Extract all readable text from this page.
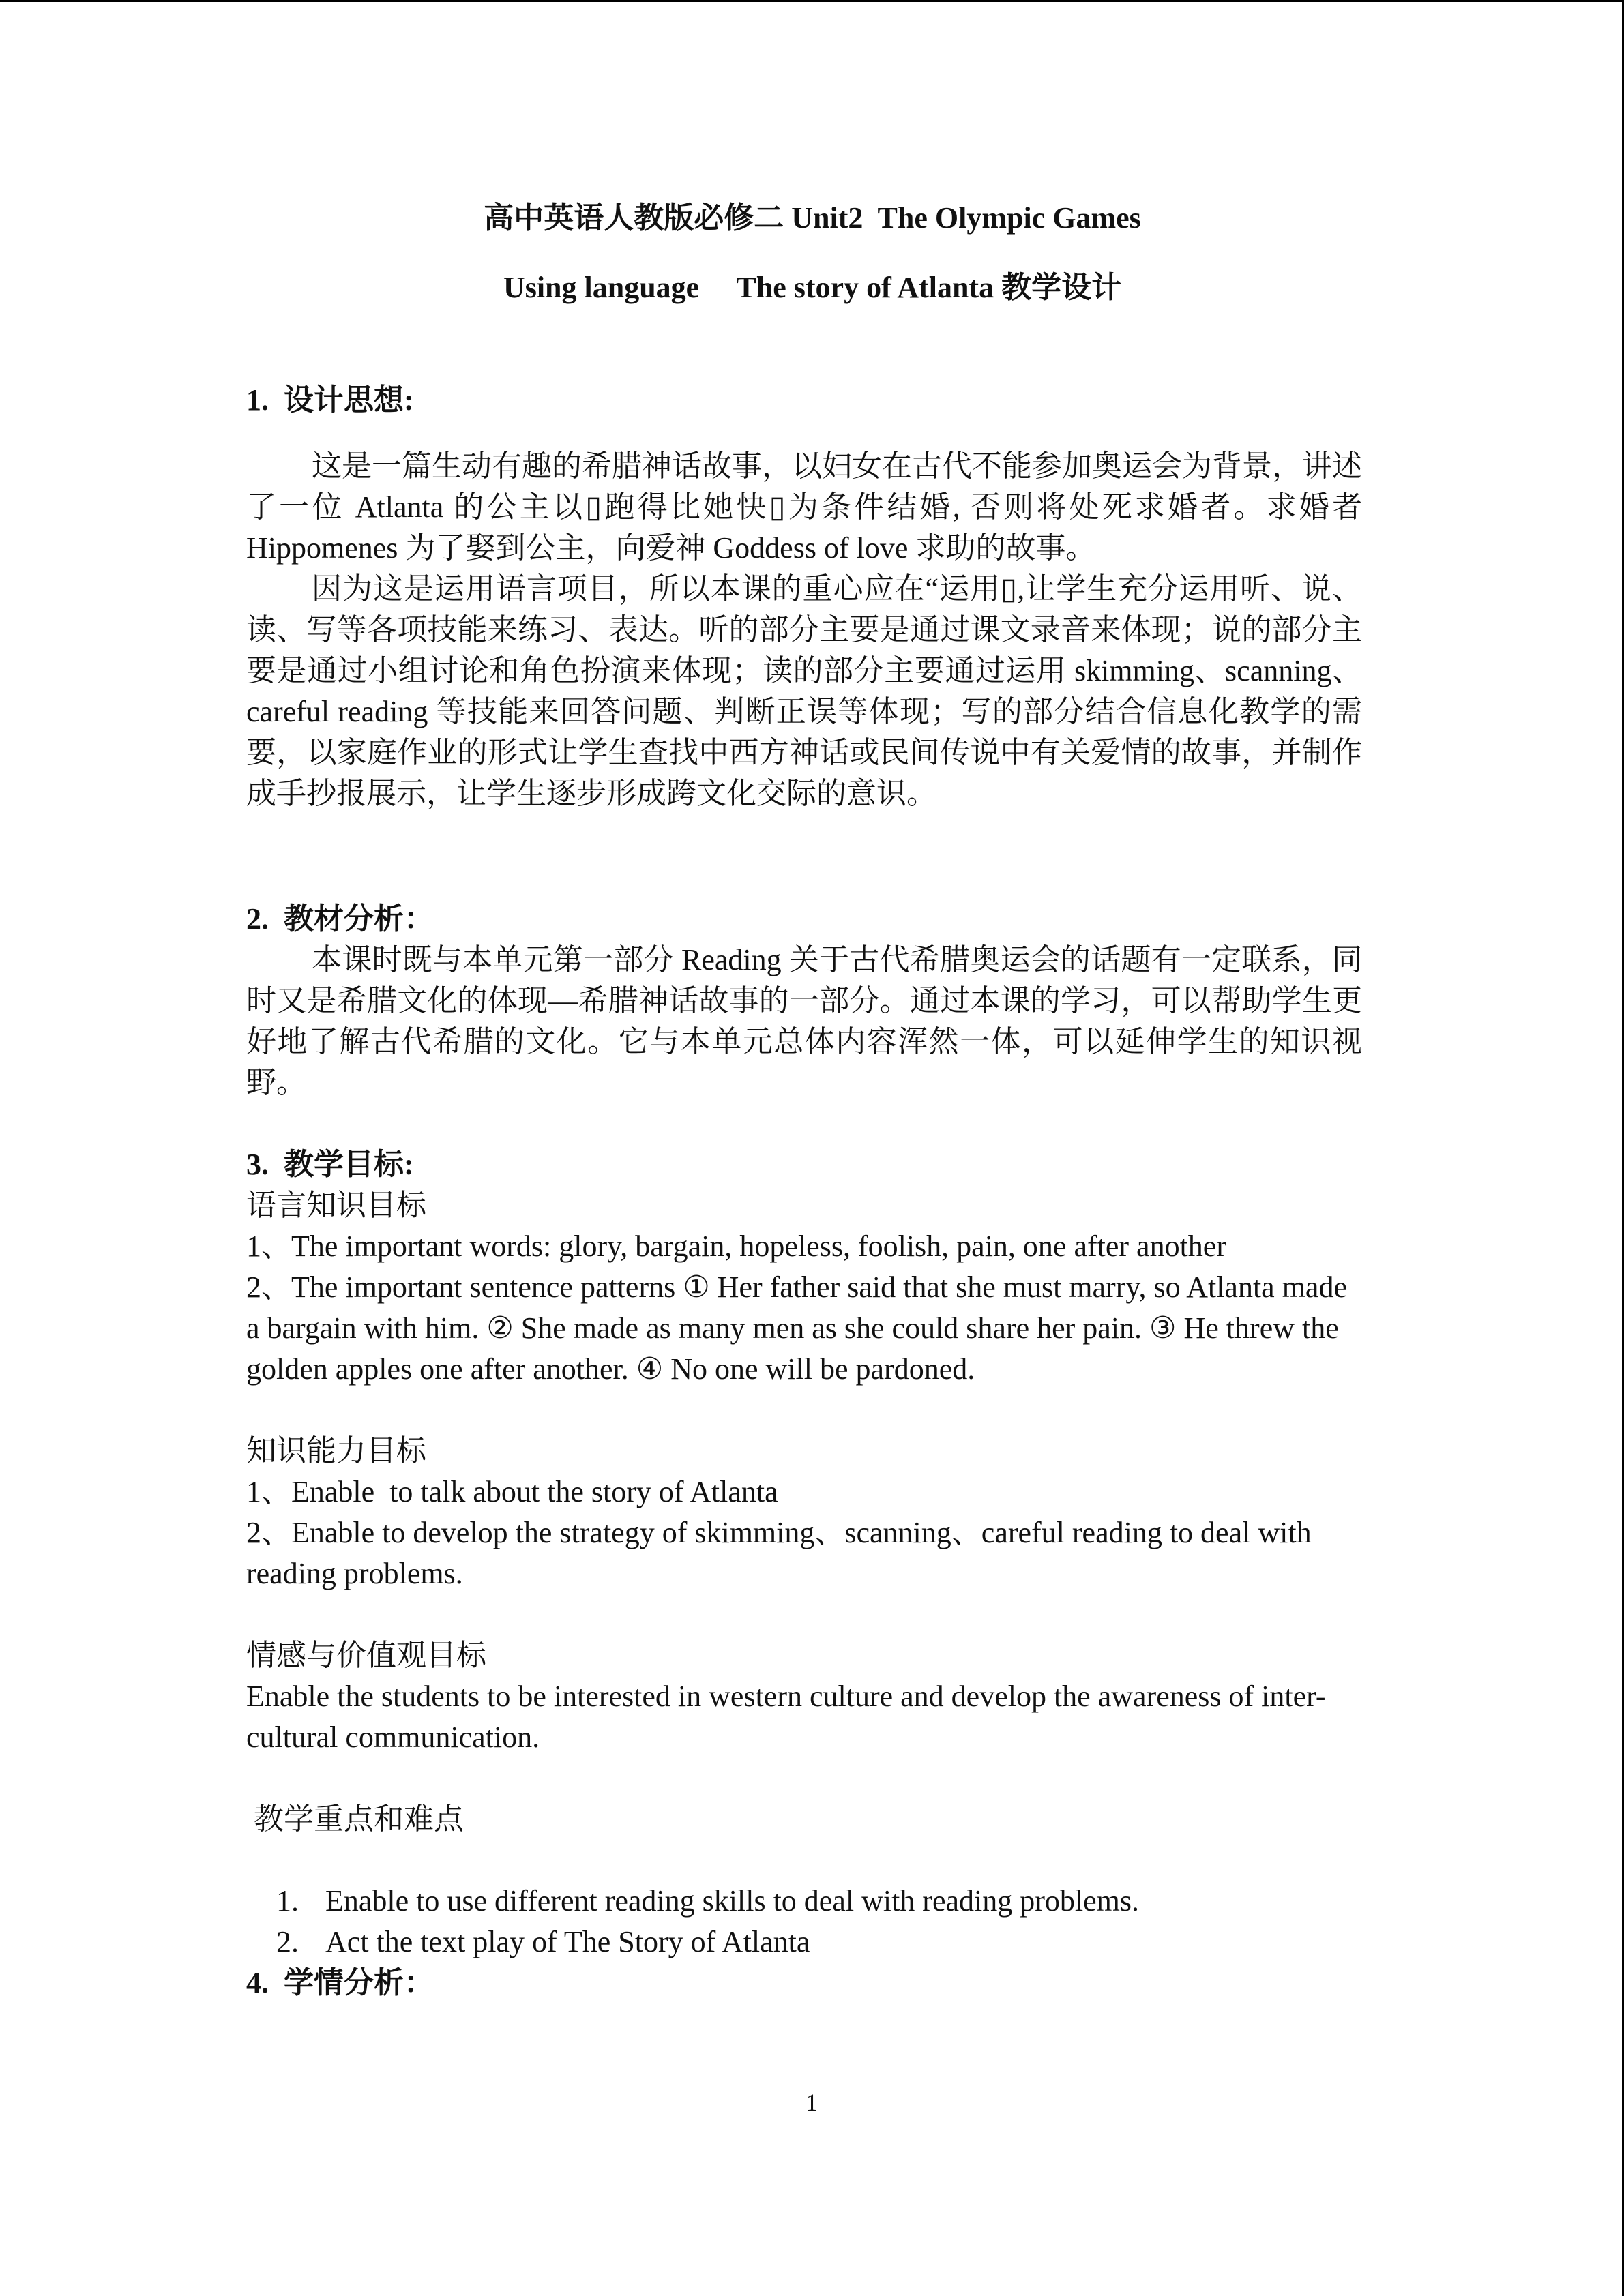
高中英语人教版必修二 Unit2  The Olympic Games
Using language     The story of Atlanta 教学设计
1.  设计思想:
这是一篇生动有趣的希腊神话故事，以妇女在古代不能参加奥运会为背景，讲述了一位 Atlanta 的公主以▯跑得比她快▯为条件结婚, 否则将处死求婚者。求婚者 Hippomenes 为了娶到公主，向爱神 Goddess of love 求助的故事。
因为这是运用语言项目，所以本课的重心应在“运用▯,让学生充分运用听、说、读、写等各项技能来练习、表达。听的部分主要是通过课文录音来体现；说的部分主要是通过小组讨论和角色扮演来体现；读的部分主要通过运用 skimming、scanning、careful reading 等技能来回答问题、判断正误等体现；写的部分结合信息化教学的需要，以家庭作业的形式让学生查找中西方神话或民间传说中有关爱情的故事，并制作成手抄报展示，让学生逐步形成跨文化交际的意识。
2.  教材分析：
本课时既与本单元第一部分 Reading 关于古代希腊奥运会的话题有一定联系，同时又是希腊文化的体现—希腊神话故事的一部分。通过本课的学习，可以帮助学生更好地了解古代希腊的文化。它与本单元总体内容浑然一体，可以延伸学生的知识视野。
3.  教学目标:
语言知识目标
1、The important words: glory, bargain, hopeless, foolish, pain, one after another
2、The important sentence patterns ① Her father said that she must marry, so Atlanta made a bargain with him. ② She made as many men as she could share her pain. ③ He threw the golden apples one after another. ④ No one will be pardoned.
知识能力目标
1、Enable  to talk about the story of Atlanta
2、Enable to develop the strategy of skimming、scanning、careful reading to deal with reading problems.
情感与价值观目标
Enable the students to be interested in western culture and develop the awareness of inter-cultural communication.
教学重点和难点

1. Enable to use different reading skills to deal with reading problems.

2. Act the text play of The Story of Atlanta

4.  学情分析：
1
